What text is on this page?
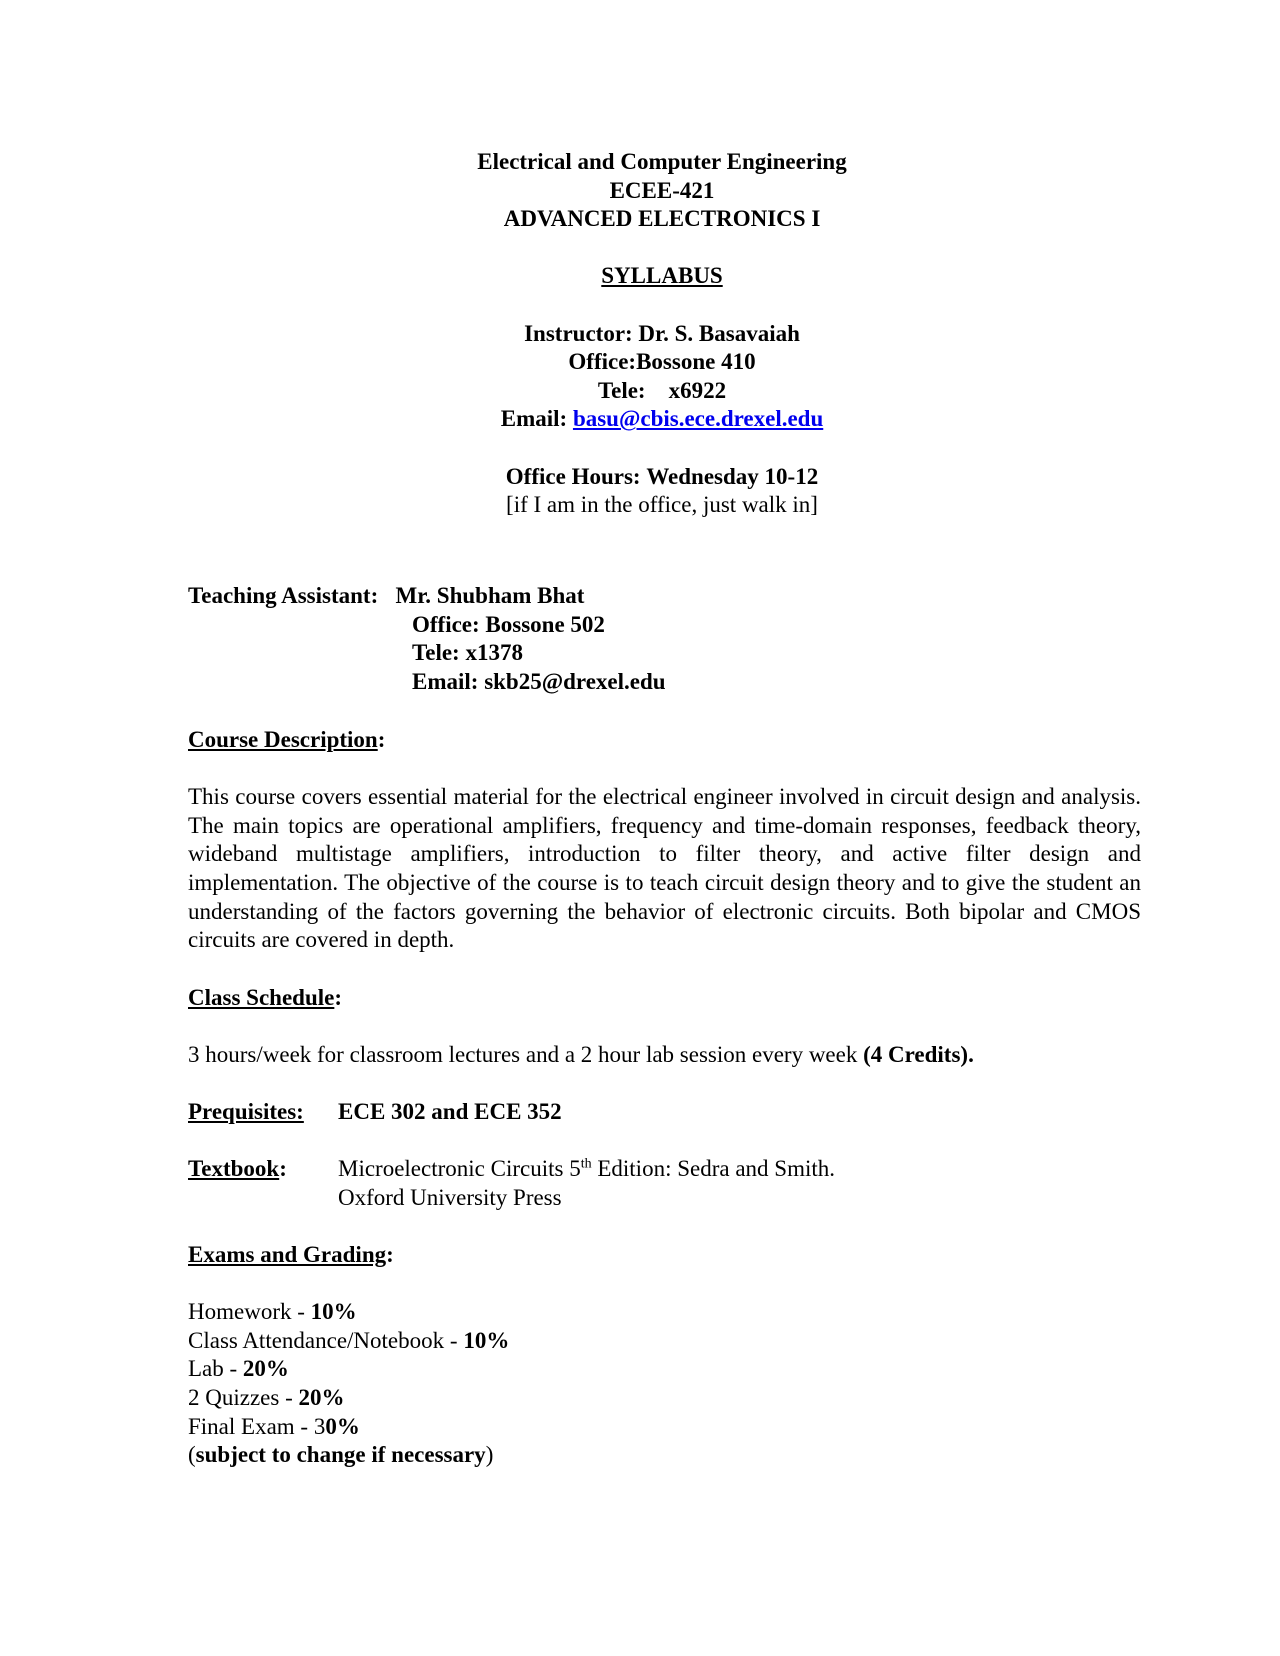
Electrical and Computer Engineering
ECEE-421
ADVANCED ELECTRONICS I
SYLLABUS
Instructor: Dr. S. Basavaiah
Office:Bossone 410
Tele: x6922
Email: basu@cbis.ece.drexel.edu
Office Hours: Wednesday 10-12
[if I am in the office, just walk in]
Teaching Assistant: Mr. Shubham Bhat
Office: Bossone 502
Tele: x1378
Email: skb25@drexel.edu
Course Description:
This course covers essential material for the electrical engineer involved in circuit design and analysis. The main topics are operational amplifiers, frequency and time-domain responses, feedback theory, wideband multistage amplifiers, introduction to filter theory, and active filter design and implementation. The objective of the course is to teach circuit design theory and to give the student an understanding of the factors governing the behavior of electronic circuits. Both bipolar and CMOS circuits are covered in depth.
Class Schedule:
3 hours/week for classroom lectures and a 2 hour lab session every week (4 Credits).
Prequisites:	ECE 302 and ECE 352
Textbook:	Microelectronic Circuits 5th Edition: Sedra and Smith.
Oxford University Press
Exams and Grading:
Homework - 10%
Class Attendance/Notebook - 10%
Lab - 20%
2 Quizzes - 20%
Final Exam - 30%
(subject to change if necessary)
